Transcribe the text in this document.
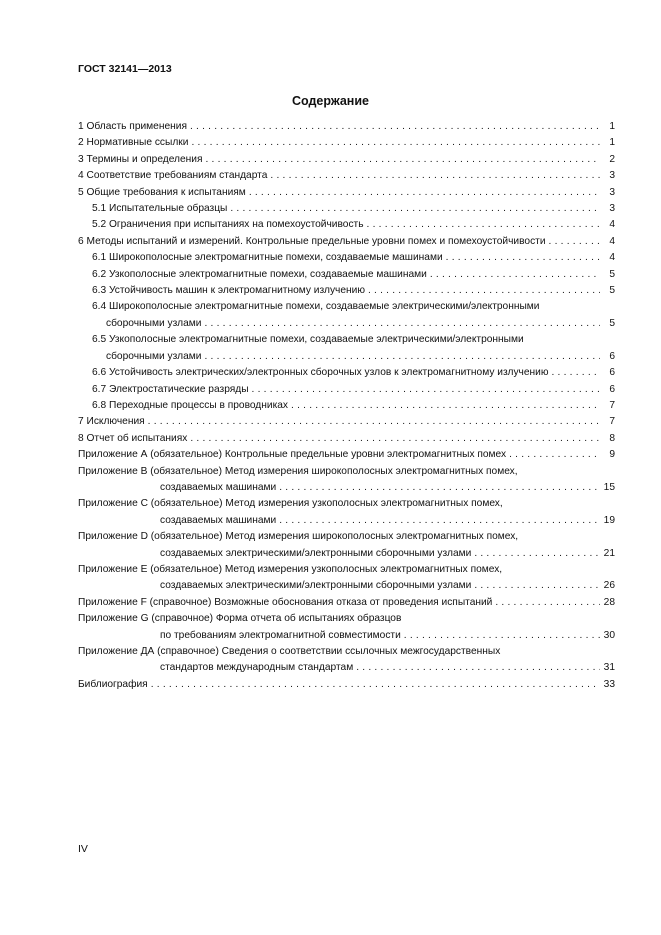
ГОСТ 32141—2013
Содержание
1 Область применения . . .	1
2 Нормативные ссылки . . .	1
3 Термины и определения . . .	2
4 Соответствие требованиям стандарта . . .	3
5 Общие требования к испытаниям . . .	3
5.1 Испытательные образцы . . .	3
5.2 Ограничения при испытаниях на помехоустойчивость . . .	4
6 Методы испытаний и измерений. Контрольные предельные уровни помех и помехоустойчивости . . .	4
6.1 Широкополосные электромагнитные помехи, создаваемые машинами . . .	4
6.2 Узкополосные электромагнитные помехи, создаваемые машинами . . .	5
6.3 Устойчивость машин к электромагнитному излучению . . .	5
6.4 Широкополосные электромагнитные помехи, создаваемые электрическими/электронными
сборочными узлами . . .	5
6.5 Узкополосные электромагнитные помехи, создаваемые электрическими/электронными
сборочными узлами . . .	6
6.6 Устойчивость электрических/электронных сборочных узлов к электромагнитному излучению . . .	6
6.7 Электростатические разряды . . .	6
6.8 Переходные процессы в проводниках . . .	7
7 Исключения . . .	7
8 Отчет об испытаниях . . .	8
Приложение А (обязательное) Контрольные предельные уровни электромагнитных помех . . .	9
Приложение В (обязательное) Метод измерения широкополосных электромагнитных помех,
создаваемых машинами . . .	15
Приложение С (обязательное) Метод измерения узкополосных электромагнитных помех,
создаваемых машинами . . .	19
Приложение D (обязательное) Метод измерения широкополосных электромагнитных помех,
создаваемых электрическими/электронными сборочными узлами . . .	21
Приложение Е (обязательное) Метод измерения узкополосных электромагнитных помех,
создаваемых электрическими/электронными сборочными узлами . . .	26
Приложение F (справочное) Возможные обоснования отказа от проведения испытаний . . .	28
Приложение G (справочное) Форма отчета об испытаниях образцов
по требованиям электромагнитной совместимости . . .	30
Приложение ДА (справочное) Сведения о соответствии ссылочных межгосударственных
стандартов международным стандартам . . .	31
Библиография . . .	33
IV
